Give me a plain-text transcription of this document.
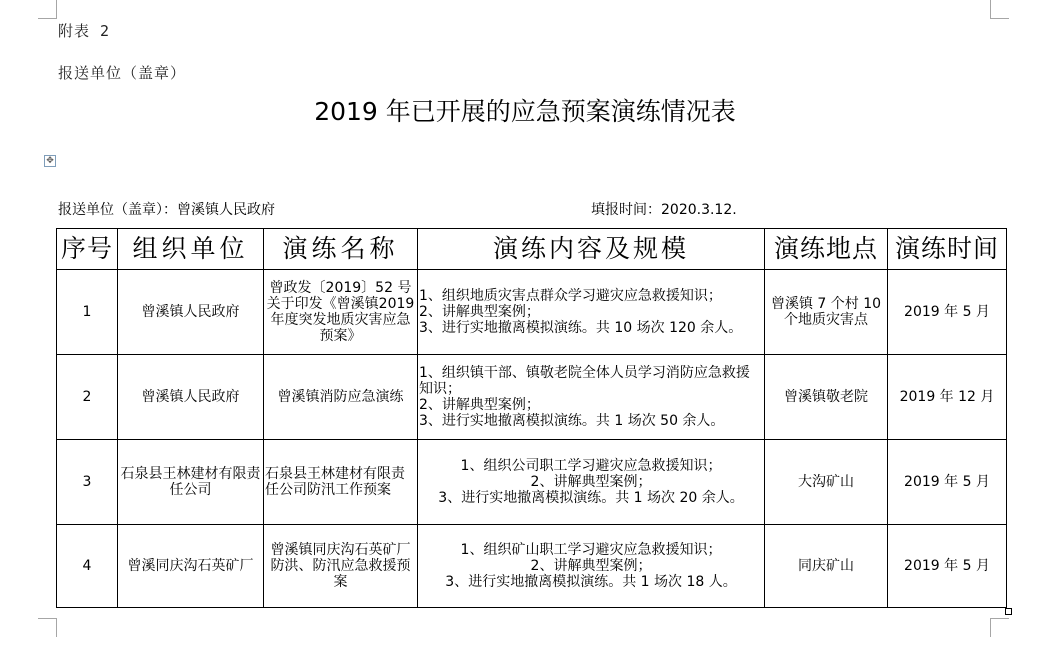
附表 2
报送单位（盖章）
2019 年已开展的应急预案演练情况表
✥
报送单位（盖章）：曾溪镇人民政府	填报时间：2020.3.12.
序号	组织单位	演练名称	演练内容及规模	演练地点	演练时间
1	曾溪镇人民政府	曾政发〔2019〕52 号关于印发《曾溪镇2019 年度突发地质灾害应急预案》	1、组织地质灾害点群众学习避灾应急救援知识；
2、讲解典型案例；
3、进行实地撤离模拟演练。共 10 场次 120 余人。	曾溪镇 7 个村 10 个地质灾害点	2019 年 5 月
2	曾溪镇人民政府	曾溪镇消防应急演练	1、组织镇干部、镇敬老院全体人员学习消防应急救援知识；
2、讲解典型案例；
3、进行实地撤离模拟演练。共 1 场次 50 余人。	曾溪镇敬老院	2019 年 12 月
3	石泉县王林建材有限责任公司	石泉县王林建材有限责任公司防汛工作预案	1、组织公司职工学习避灾应急救援知识；
2、讲解典型案例；
3、进行实地撤离模拟演练。共 1 场次 20 余人。	大沟矿山	2019 年 5 月
4	曾溪同庆沟石英矿厂	曾溪镇同庆沟石英矿厂防洪、防汛应急救援预案	1、组织矿山职工学习避灾应急救援知识；
2、讲解典型案例；
3、进行实地撤离模拟演练。共 1 场次 18 人。	同庆矿山	2019 年 5 月
